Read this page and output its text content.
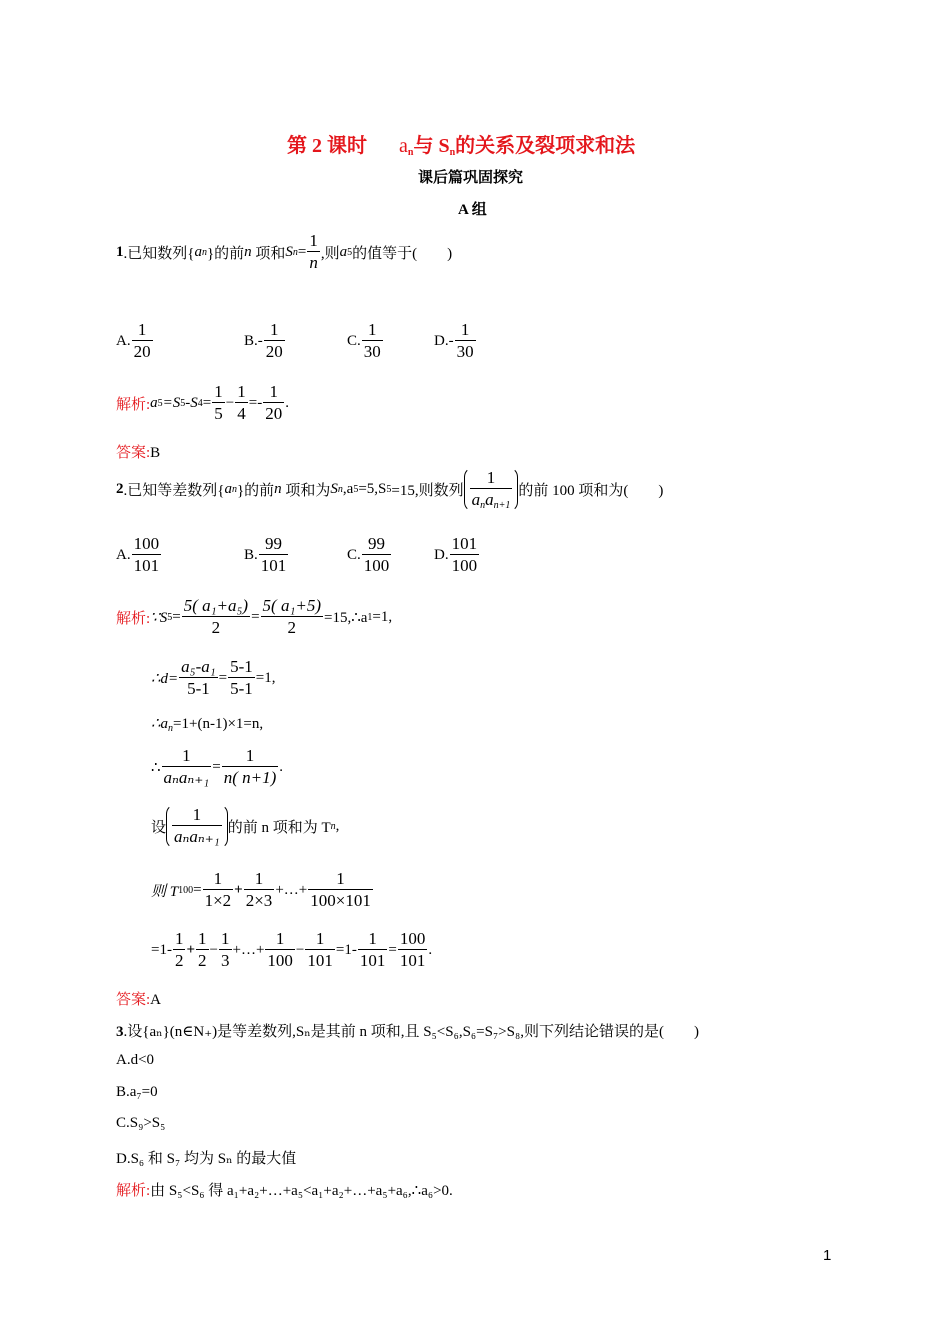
第 2 课时 $a_n$与 $S_n$的关系及裂项求和法
课后篇巩固探究
A 组
1 .已知数列{ a n }的前 n
项和 S $n = \frac{1}{n}$ ,则 a 5 的值等于(　　)
A. $\frac{1}{20}$	B. - $\frac{1}{20}$	C. $\frac{1}{30}$	D. - $\frac{1}{30}$
解析: a 5 =S 5 -S $4 = \frac{1}{5} - \frac{1}{4} =- \frac{1}{20}$ .
答案:B
2 .已知等差数列{ a n }的前 n
项和为 S n ,a 5 =5,S 5 =15,则数列 $\frac{1}{a_na_{n+1}}$ 的前 100 项和为(　　)
A. $\frac{100}{101}$	B. $\frac{99}{101}$	C. $\frac{99}{100}$	D. $\frac{101}{100}$
解析: ∵S $5 = \frac{\text{5( a₁+a₅)}}{2} = \frac{\text{5( a₁+5)}}{2}$ =15,∴a 1 =1,
∴d= $\frac{\text{a₅-a₁}}{5-1} = \frac{5-1}{5-1} =1$,
$\therefore a_n=1+(n-1)\times 1=n$,
∴ $\frac{1}{\text{aₙaₙ₊₁}} = \frac{1}{n( n+1)}$ .
设 $\frac{1}{\text{aₙaₙ₊₁}}$ 的前 n 项和为 T n ,
则 T $100 = \frac{1}{1\times 2} + \frac{1}{2\times 3}$ +…+ $\frac{1}{100\times 101}$
$=1- \frac{1}{2} + \frac{1}{2} - \frac{1}{3}$ +…+ $\frac{1}{100} - \frac{1}{101} =1- \frac{1}{101} = \frac{100}{101}$ .
答案:A
3.设{aₙ}(n∈N₊)是等差数列,Sₙ是其前 n 项和,且 S₅<S₆,S₆=S₇>S₈,则下列结论错误的是(　　)
A.d<0
B.a₇=0
C.S₉>S₅
D.S₆ 和 S₇ 均为 Sₙ 的最大值
解析:由 S₅<S₆ 得 a₁+a₂+…+a₅<a₁+a₂+…+a₅+a₆,∴a₆>0.
1
